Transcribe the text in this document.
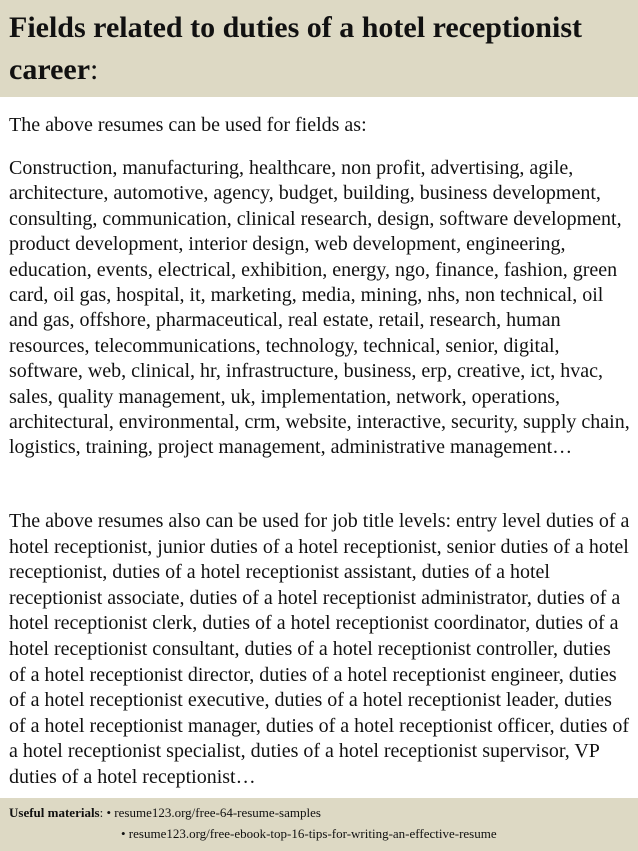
Fields related to duties of a hotel receptionist career:

The above resumes can be used for fields as:

Construction, manufacturing, healthcare, non profit, advertising, agile, architecture, automotive, agency, budget, building, business development, consulting, communication, clinical research, design, software development, product development, interior design, web development, engineering, education, events, electrical, exhibition, energy, ngo, finance, fashion, green card, oil gas, hospital, it, marketing, media, mining, nhs, non technical, oil and gas, offshore, pharmaceutical, real estate, retail, research, human resources, telecommunications, technology, technical, senior, digital, software, web, clinical, hr, infrastructure, business, erp, creative, ict, hvac, sales, quality management, uk, implementation, network, operations, architectural, environmental, crm, website, interactive, security, supply chain, logistics, training, project management, administrative management…

The above resumes also can be used for job title levels: entry level duties of a hotel receptionist, junior duties of a hotel receptionist, senior duties of a hotel receptionist, duties of a hotel receptionist assistant, duties of a hotel receptionist associate, duties of a hotel receptionist administrator, duties of a hotel receptionist clerk, duties of a hotel receptionist coordinator, duties of a hotel receptionist consultant, duties of a hotel receptionist controller, duties of a hotel receptionist director, duties of a hotel receptionist engineer, duties of a hotel receptionist executive, duties of a hotel receptionist leader, duties of a hotel receptionist manager, duties of a hotel receptionist officer, duties of a hotel receptionist specialist, duties of a hotel receptionist supervisor, VP duties of a hotel receptionist…

Useful materials: • resume123.org/free-64-resume-samples
• resume123.org/free-ebook-top-16-tips-for-writing-an-effective-resume
